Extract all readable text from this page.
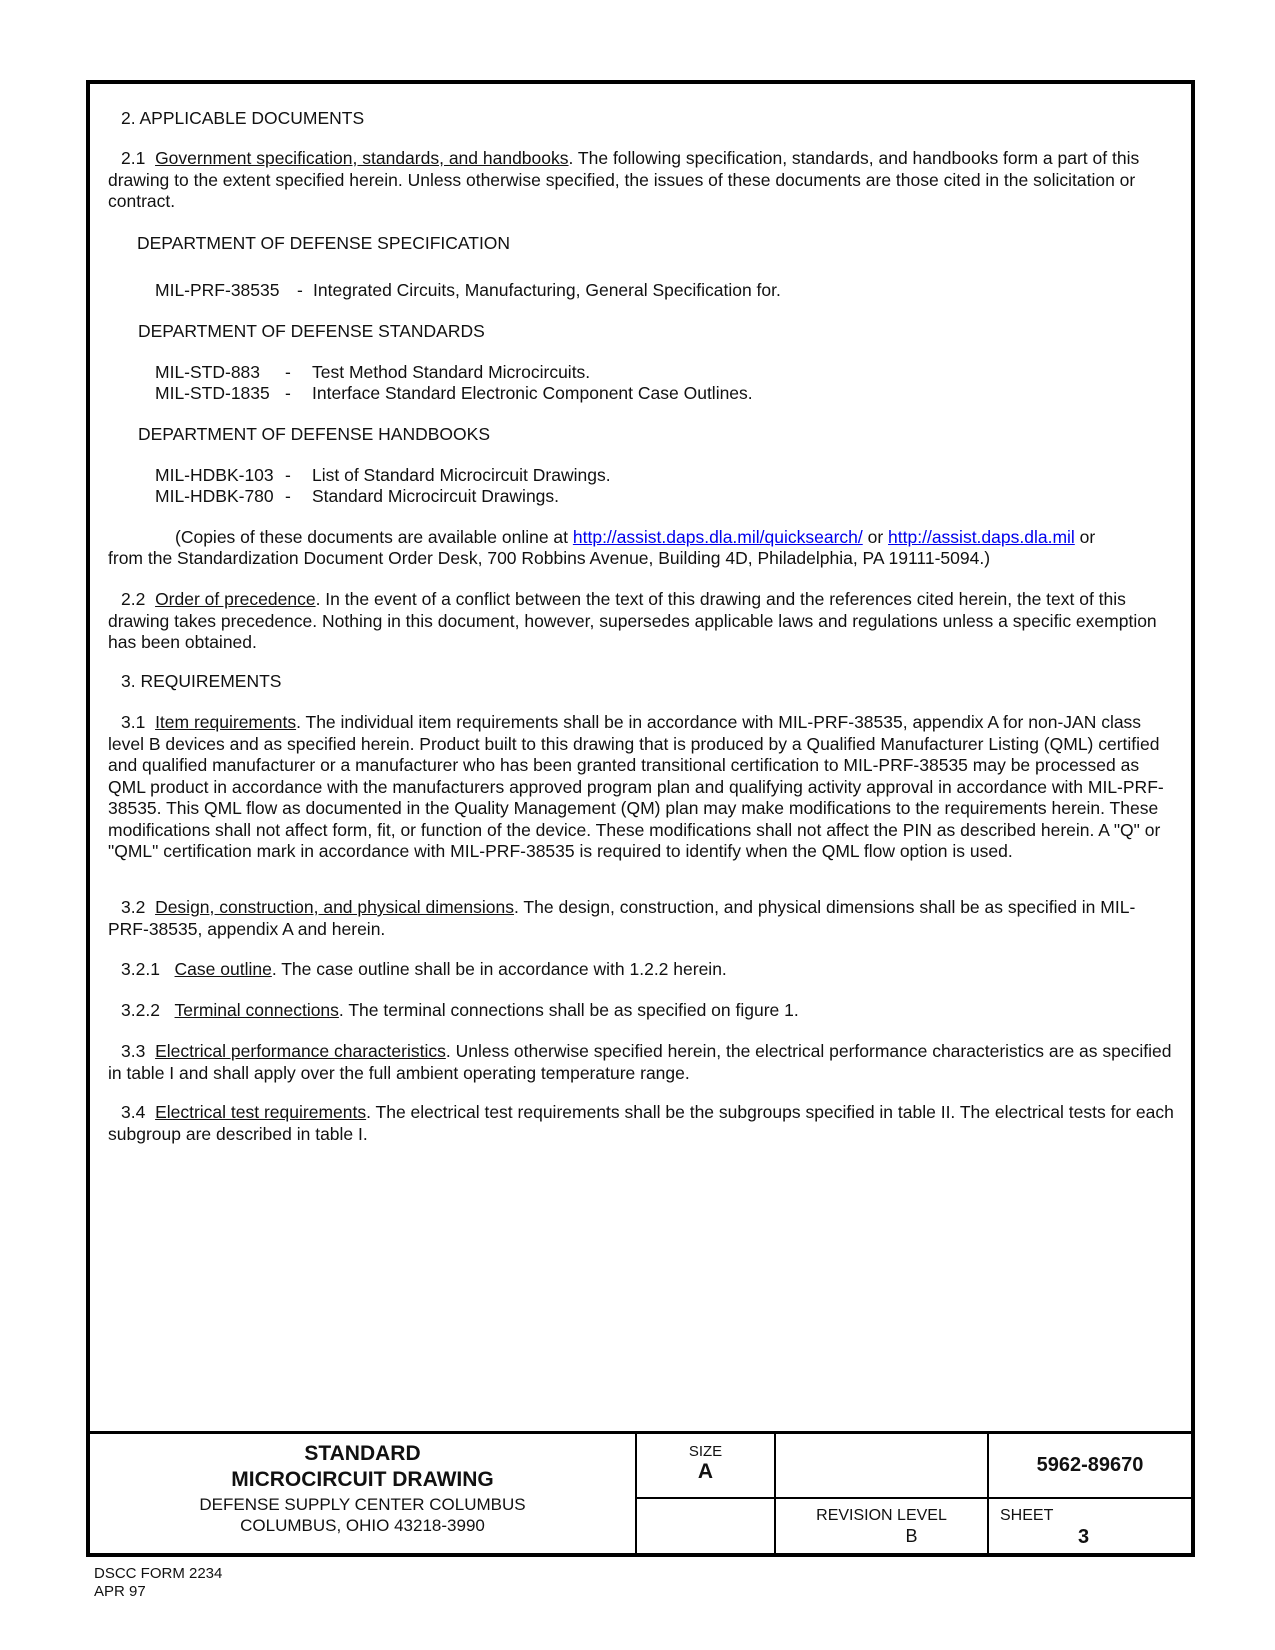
2. APPLICABLE DOCUMENTS
2.1 Government specification, standards, and handbooks. The following specification, standards, and handbooks form a part of this drawing to the extent specified herein. Unless otherwise specified, the issues of these documents are those cited in the solicitation or contract.
DEPARTMENT OF DEFENSE SPECIFICATION
MIL-PRF-38535 - Integrated Circuits, Manufacturing, General Specification for.
DEPARTMENT OF DEFENSE STANDARDS
MIL-STD-883 - Test Method Standard Microcircuits.
MIL-STD-1835 - Interface Standard Electronic Component Case Outlines.
DEPARTMENT OF DEFENSE HANDBOOKS
MIL-HDBK-103 - List of Standard Microcircuit Drawings.
MIL-HDBK-780 - Standard Microcircuit Drawings.
(Copies of these documents are available online at http://assist.daps.dla.mil/quicksearch/ or http://assist.daps.dla.mil or
from the Standardization Document Order Desk, 700 Robbins Avenue, Building 4D, Philadelphia, PA 19111-5094.)
2.2 Order of precedence. In the event of a conflict between the text of this drawing and the references cited herein, the text of this drawing takes precedence. Nothing in this document, however, supersedes applicable laws and regulations unless a specific exemption has been obtained.
3. REQUIREMENTS
3.1 Item requirements. The individual item requirements shall be in accordance with MIL-PRF-38535, appendix A for non-JAN class level B devices and as specified herein. Product built to this drawing that is produced by a Qualified Manufacturer Listing (QML) certified and qualified manufacturer or a manufacturer who has been granted transitional certification to MIL-PRF-38535 may be processed as QML product in accordance with the manufacturers approved program plan and qualifying activity approval in accordance with MIL-PRF-38535. This QML flow as documented in the Quality Management (QM) plan may make modifications to the requirements herein. These modifications shall not affect form, fit, or function of the device. These modifications shall not affect the PIN as described herein. A "Q" or "QML" certification mark in accordance with MIL-PRF-38535 is required to identify when the QML flow option is used.
3.2 Design, construction, and physical dimensions. The design, construction, and physical dimensions shall be as specified in MIL-PRF-38535, appendix A and herein.
3.2.1 Case outline. The case outline shall be in accordance with 1.2.2 herein.
3.2.2 Terminal connections. The terminal connections shall be as specified on figure 1.
3.3 Electrical performance characteristics. Unless otherwise specified herein, the electrical performance characteristics are as specified in table I and shall apply over the full ambient operating temperature range.
3.4 Electrical test requirements. The electrical test requirements shall be the subgroups specified in table II. The electrical tests for each subgroup are described in table I.
STANDARD
MICROCIRCUIT DRAWING
DEFENSE SUPPLY CENTER COLUMBUS
COLUMBUS, OHIO 43218-3990
SIZE
A	5962-89670
REVISION LEVEL
B
SHEET
3
DSCC FORM 2234
APR 97
